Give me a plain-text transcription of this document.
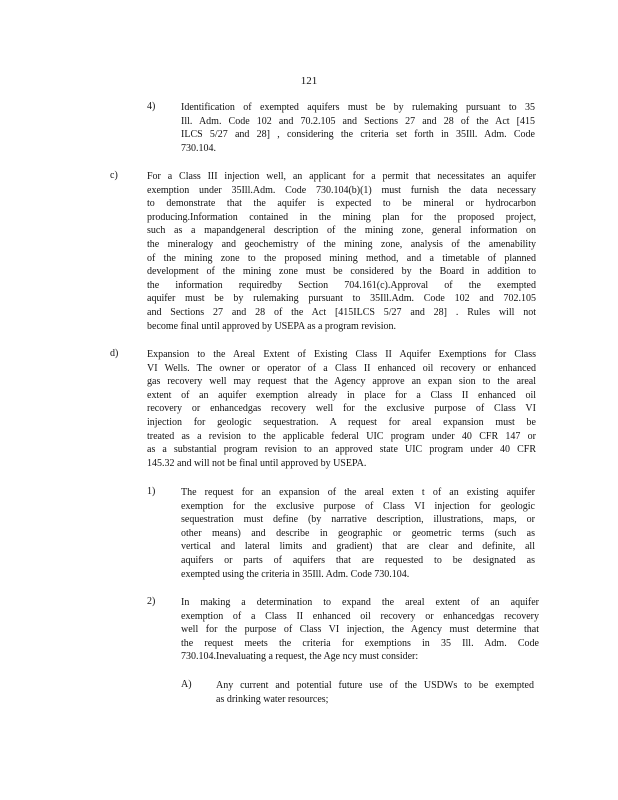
121
4)	Identification of exempted aquifers must be by rulemaking pursuant to 35
Ill. Adm. Code 102 and 70.2.105 and Sections 27 and 28 of the Act [415
ILCS 5/27 and 28] , considering the criteria set forth in 35Ill. Adm. Code
730.104.
c)	For a Class III injection well, an applicant for a permit that necessitates an aquifer
exemption under 35Ill.Adm. Code 730.104(b)(1) must furnish the data necessary
to demonstrate that the aquifer is expected to be mineral or hydrocarbon
producing.Information contained in the mining plan for the proposed project,
such as a mapandgeneral description of the mining zone, general information on
the mineralogy and geochemistry of the mining zone, analysis of the amenability
of the mining zone to the proposed mining method, and a timetable of planned
development of the mining zone must be considered by the Board in addition to
the information requiredby Section 704.161(c).Approval of the exempted
aquifer must be by rulemaking pursuant to 35Ill.Adm. Code 102 and 702.105
and Sections 27 and 28 of the Act [415ILCS 5/27 and 28] . Rules will not
become final until approved by USEPA as a program revision.
d)	Expansion to the Areal Extent of Existing Class II Aquifer Exemptions for Class
VI Wells. The owner or operator of a Class II enhanced oil recovery or enhanced
gas recovery well may request that the Agency approve an expan sion to the areal
extent of an aquifer exemption already in place for a Class II enhanced oil
recovery or enhancedgas recovery well for the exclusive purpose of Class VI
injection for geologic sequestration. A request for areal expansion must be
treated as a revision to the applicable federal UIC program under 40 CFR 147 or
as a substantial program revision to an approved state UIC program under 40 CFR
145.32 and will not be final until approved by USEPA.
1)	The request for an expansion of the areal exten t of an existing aquifer
exemption for the exclusive purpose of Class VI injection for geologic
sequestration must define (by narrative description, illustrations, maps, or
other means) and describe in geographic or geometric terms (such as
vertical and lateral limits and gradient) that are clear and definite, all
aquifers or parts of aquifers that are requested to be designated as
exempted using the criteria in 35Ill. Adm. Code 730.104.
2)	In making a determination to expand the areal extent of an aquifer
exemption of a Class II enhanced oil recovery or enhancedgas recovery
well for the purpose of Class VI injection, the Agency must determine that
the request meets the criteria for exemptions in 35 Ill. Adm. Code
730.104.Inevaluating a request, the Age ncy must consider:
A) Any current and potential future use of the USDWs to be exempted
as drinking water resources;
